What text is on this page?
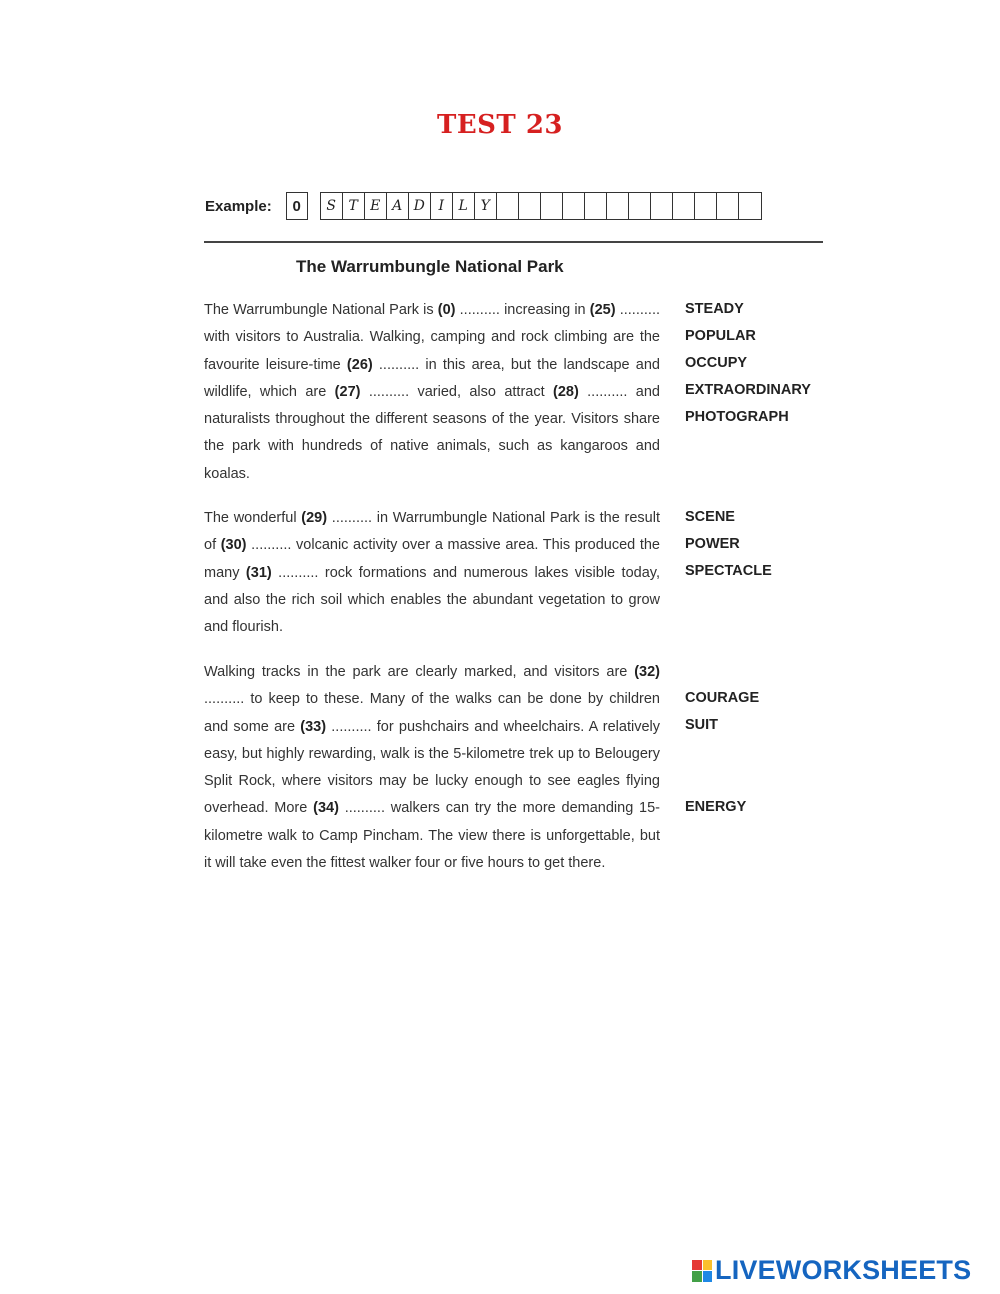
TEST 23
Example:	0	S T E A D I	L Y
The Warrumbungle National Park
The Warrumbungle National Park is (0) .......... increasing in (25) .......... with visitors to Australia. Walking, camping and rock climbing are the favourite leisure-time (26) .......... in this area, but the landscape and wildlife, which are (27) .......... varied, also attract (28) .......... and naturalists throughout the different seasons of the year. Visitors share the park with hundreds of native animals, such as kangaroos and koalas.
The wonderful (29) .......... in Warrumbungle National Park is the result of (30) .......... volcanic activity over a massive area. This produced the many (31) .......... rock formations and numerous lakes visible today, and also the rich soil which enables the abundant vegetation to grow and flourish.
Walking tracks in the park are clearly marked, and visitors are (32) .......... to keep to these. Many of the walks can be done by children and some are (33) .......... for pushchairs and wheelchairs. A relatively easy, but highly rewarding, walk is the 5-kilometre trek up to Belougery Split Rock, where visitors may be lucky enough to see eagles flying overhead. More (34) .......... walkers can try the more demanding 15-kilometre walk to Camp Pincham. The view there is unforgettable, but it will take even the fittest walker four or five hours to get there.
STEADY
POPULAR
OCCUPY
EXTRAORDINARY
PHOTOGRAPH
SCENE
POWER
SPECTACLE
COURAGE
SUIT
ENERGY
LIVEWORKSHEETS
